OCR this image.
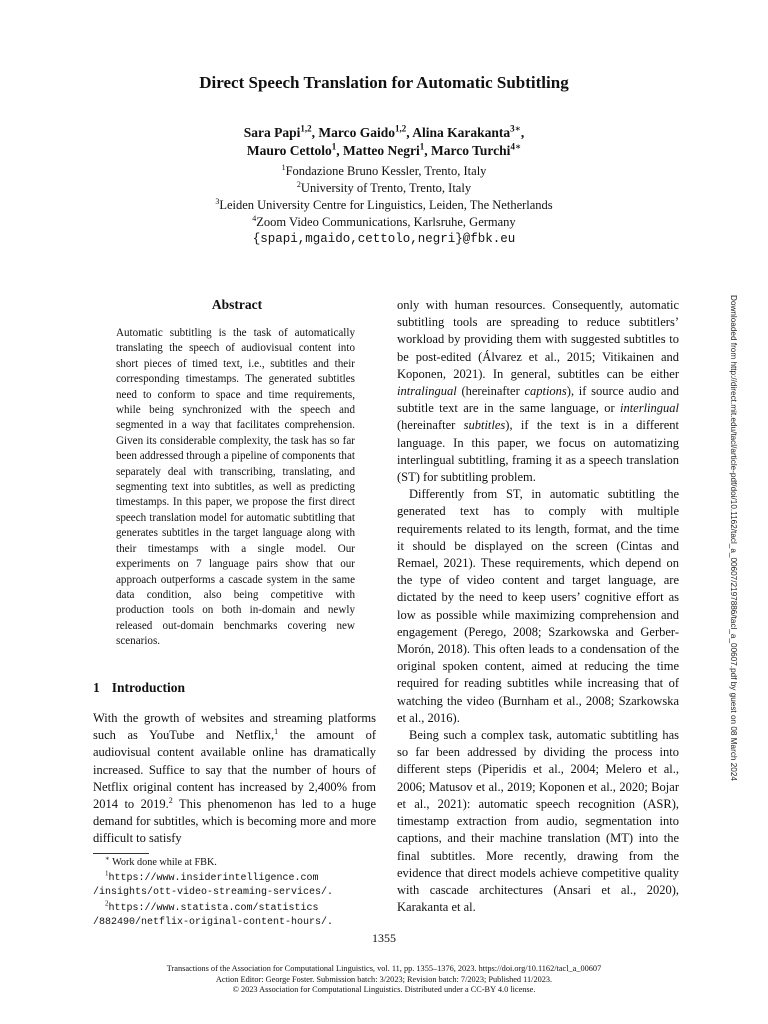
Direct Speech Translation for Automatic Subtitling
Sara Papi$^{1,2}$, Marco Gaido$^{1,2}$, Alina Karakanta$^{3∗}$,
Mauro Cettolo$^1$, Matteo Negri$^1$, Marco Turchi$^{4∗}$
$^1$Fondazione Bruno Kessler, Trento, Italy
$^2$University of Trento, Trento, Italy
$^3$Leiden University Centre for Linguistics, Leiden, The Netherlands
$^4$Zoom Video Communications, Karlsruhe, Germany
{spapi,mgaido,cettolo,negri}@fbk.eu
Abstract

Automatic subtitling is the task of automatically translating the speech of audiovisual content into short pieces of timed text, i.e., subtitles and their corresponding timestamps. The generated subtitles need to conform to space and time requirements, while being synchronized with the speech and segmented in a way that facilitates comprehension. Given its considerable complexity, the task has so far been addressed through a pipeline of components that separately deal with transcribing, translating, and segmenting text into subtitles, as well as predicting timestamps. In this paper, we propose the first direct speech translation model for automatic subtitling that generates subtitles in the target language along with their timestamps with a single model. Our experiments on 7 language pairs show that our approach outperforms a cascade system in the same data condition, also being competitive with production tools on both in-domain and newly released out-domain benchmarks covering new scenarios.

1 Introduction

With the growth of websites and streaming platforms such as YouTube and Netflix,$^1$ the amount of audiovisual content available online has dramatically increased. Suffice to say that the number of hours of Netflix original content has increased by 2,400% from 2014 to 2019.$^2$ This phenomenon has led to a huge demand for subtitles, which is becoming more and more difficult to satisfy

∗ Work done while at FBK.
$^1$https://www.insiderintelligence.com
/insights/ott-video-streaming-services/.
$^2$https://www.statista.com/statistics
/882490/netflix-original-content-hours/.

only with human resources. Consequently, automatic subtitling tools are spreading to reduce subtitlers’ workload by providing them with suggested subtitles to be post-edited (Álvarez et al., 2015; Vitikainen and Koponen, 2021). In general, subtitles can be either intralingual (hereinafter captions), if source audio and subtitle text are in the same language, or interlingual (hereinafter subtitles), if the text is in a different language. In this paper, we focus on automatizing interlingual subtitling, framing it as a speech translation (ST) for subtitling problem.

Differently from ST, in automatic subtitling the generated text has to comply with multiple requirements related to its length, format, and the time it should be displayed on the screen (Cintas and Remael, 2021). These requirements, which depend on the type of video content and target language, are dictated by the need to keep users’ cognitive effort as low as possible while maximizing comprehension and engagement (Perego, 2008; Szarkowska and Gerber-Morón, 2018). This often leads to a condensation of the original spoken content, aimed at reducing the time required for reading subtitles while increasing that of watching the video (Burnham et al., 2008; Szarkowska et al., 2016).

Being such a complex task, automatic subtitling has so far been addressed by dividing the process into different steps (Piperidis et al., 2004; Melero et al., 2006; Matusov et al., 2019; Koponen et al., 2020; Bojar et al., 2021): automatic speech recognition (ASR), timestamp extraction from audio, segmentation into captions, and their machine translation (MT) into the final subtitles. More recently, drawing from the evidence that direct models achieve competitive quality with cascade architectures (Ansari et al., 2020), Karakanta et al.

Downloaded from http://direct.mit.edu/tacl/article-pdf/doi/10.1162/tacl_a_00607/2197886/tacl_a_00607.pdf by guest on 08 March 2024
1355
Transactions of the Association for Computational Linguistics, vol. 11, pp. 1355–1376, 2023. https://doi.org/10.1162/tacl_a_00607
Action Editor: George Foster. Submission batch: 3/2023; Revision batch: 7/2023; Published 11/2023.
© 2023 Association for Computational Linguistics. Distributed under a CC-BY 4.0 license.
